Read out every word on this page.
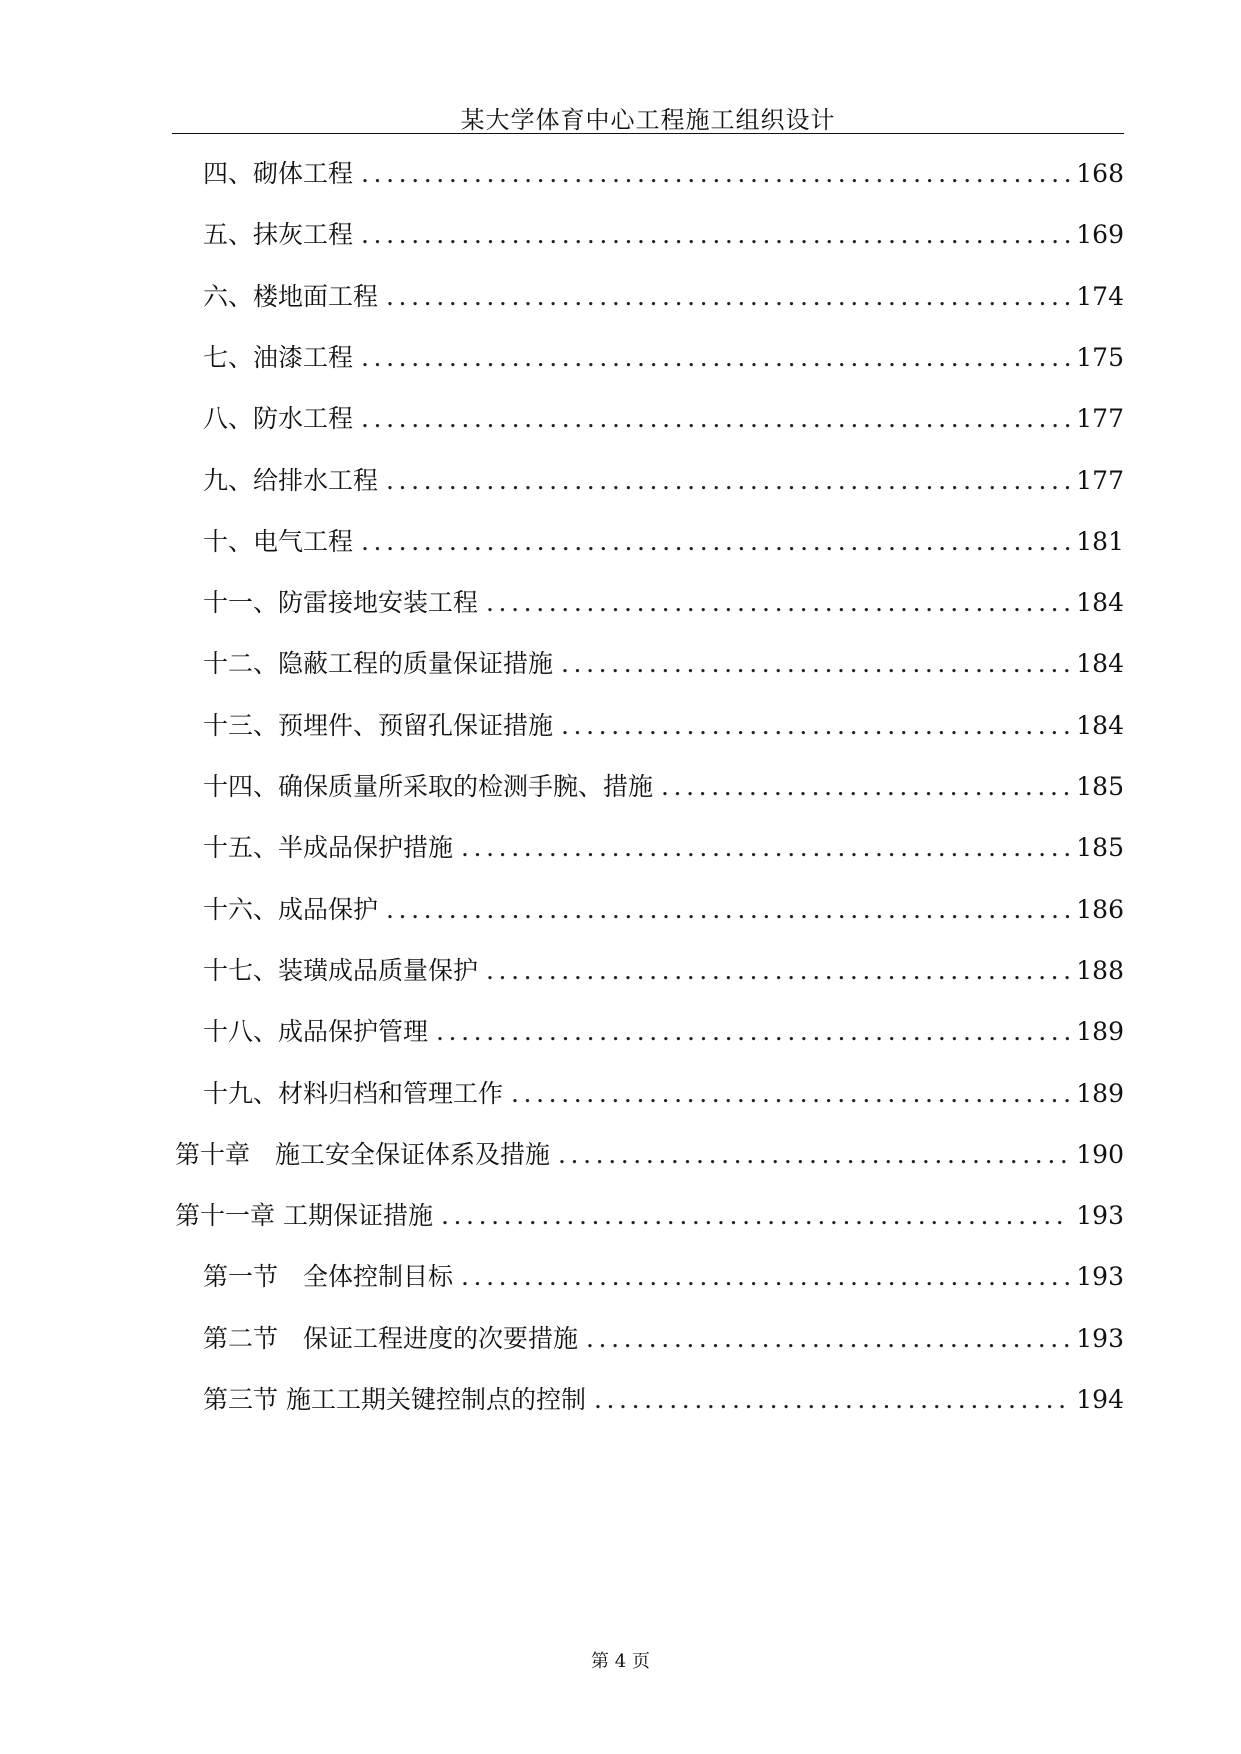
某大学体育中心工程施工组织设计
四、砌体工程 .....	168
五、抹灰工程 .....	169
六、楼地面工程 .....	174
七、油漆工程 .....	175
八、防水工程 .....	177
九、给排水工程 .....	177
十、电气工程 .....	181
十一、防雷接地安装工程 .....	184
十二、隐蔽工程的质量保证措施 .....	184
十三、预埋件、预留孔保证措施 .....	184
十四、确保质量所采取的检测手腕、措施 .....	185
十五、半成品保护措施 .....	185
十六、成品保护 .....	186
十七、装璜成品质量保护 .....	188
十八、成品保护管理 .....	189
十九、材料归档和管理工作 .....	189
第十章　施工安全保证体系及措施 .....	190
第十一章 工期保证措施 .....	193
第一节　全体控制目标 .....	193
第二节　保证工程进度的次要措施 .....	193
第三节 施工工期关键控制点的控制 .....	194
第 4 页
